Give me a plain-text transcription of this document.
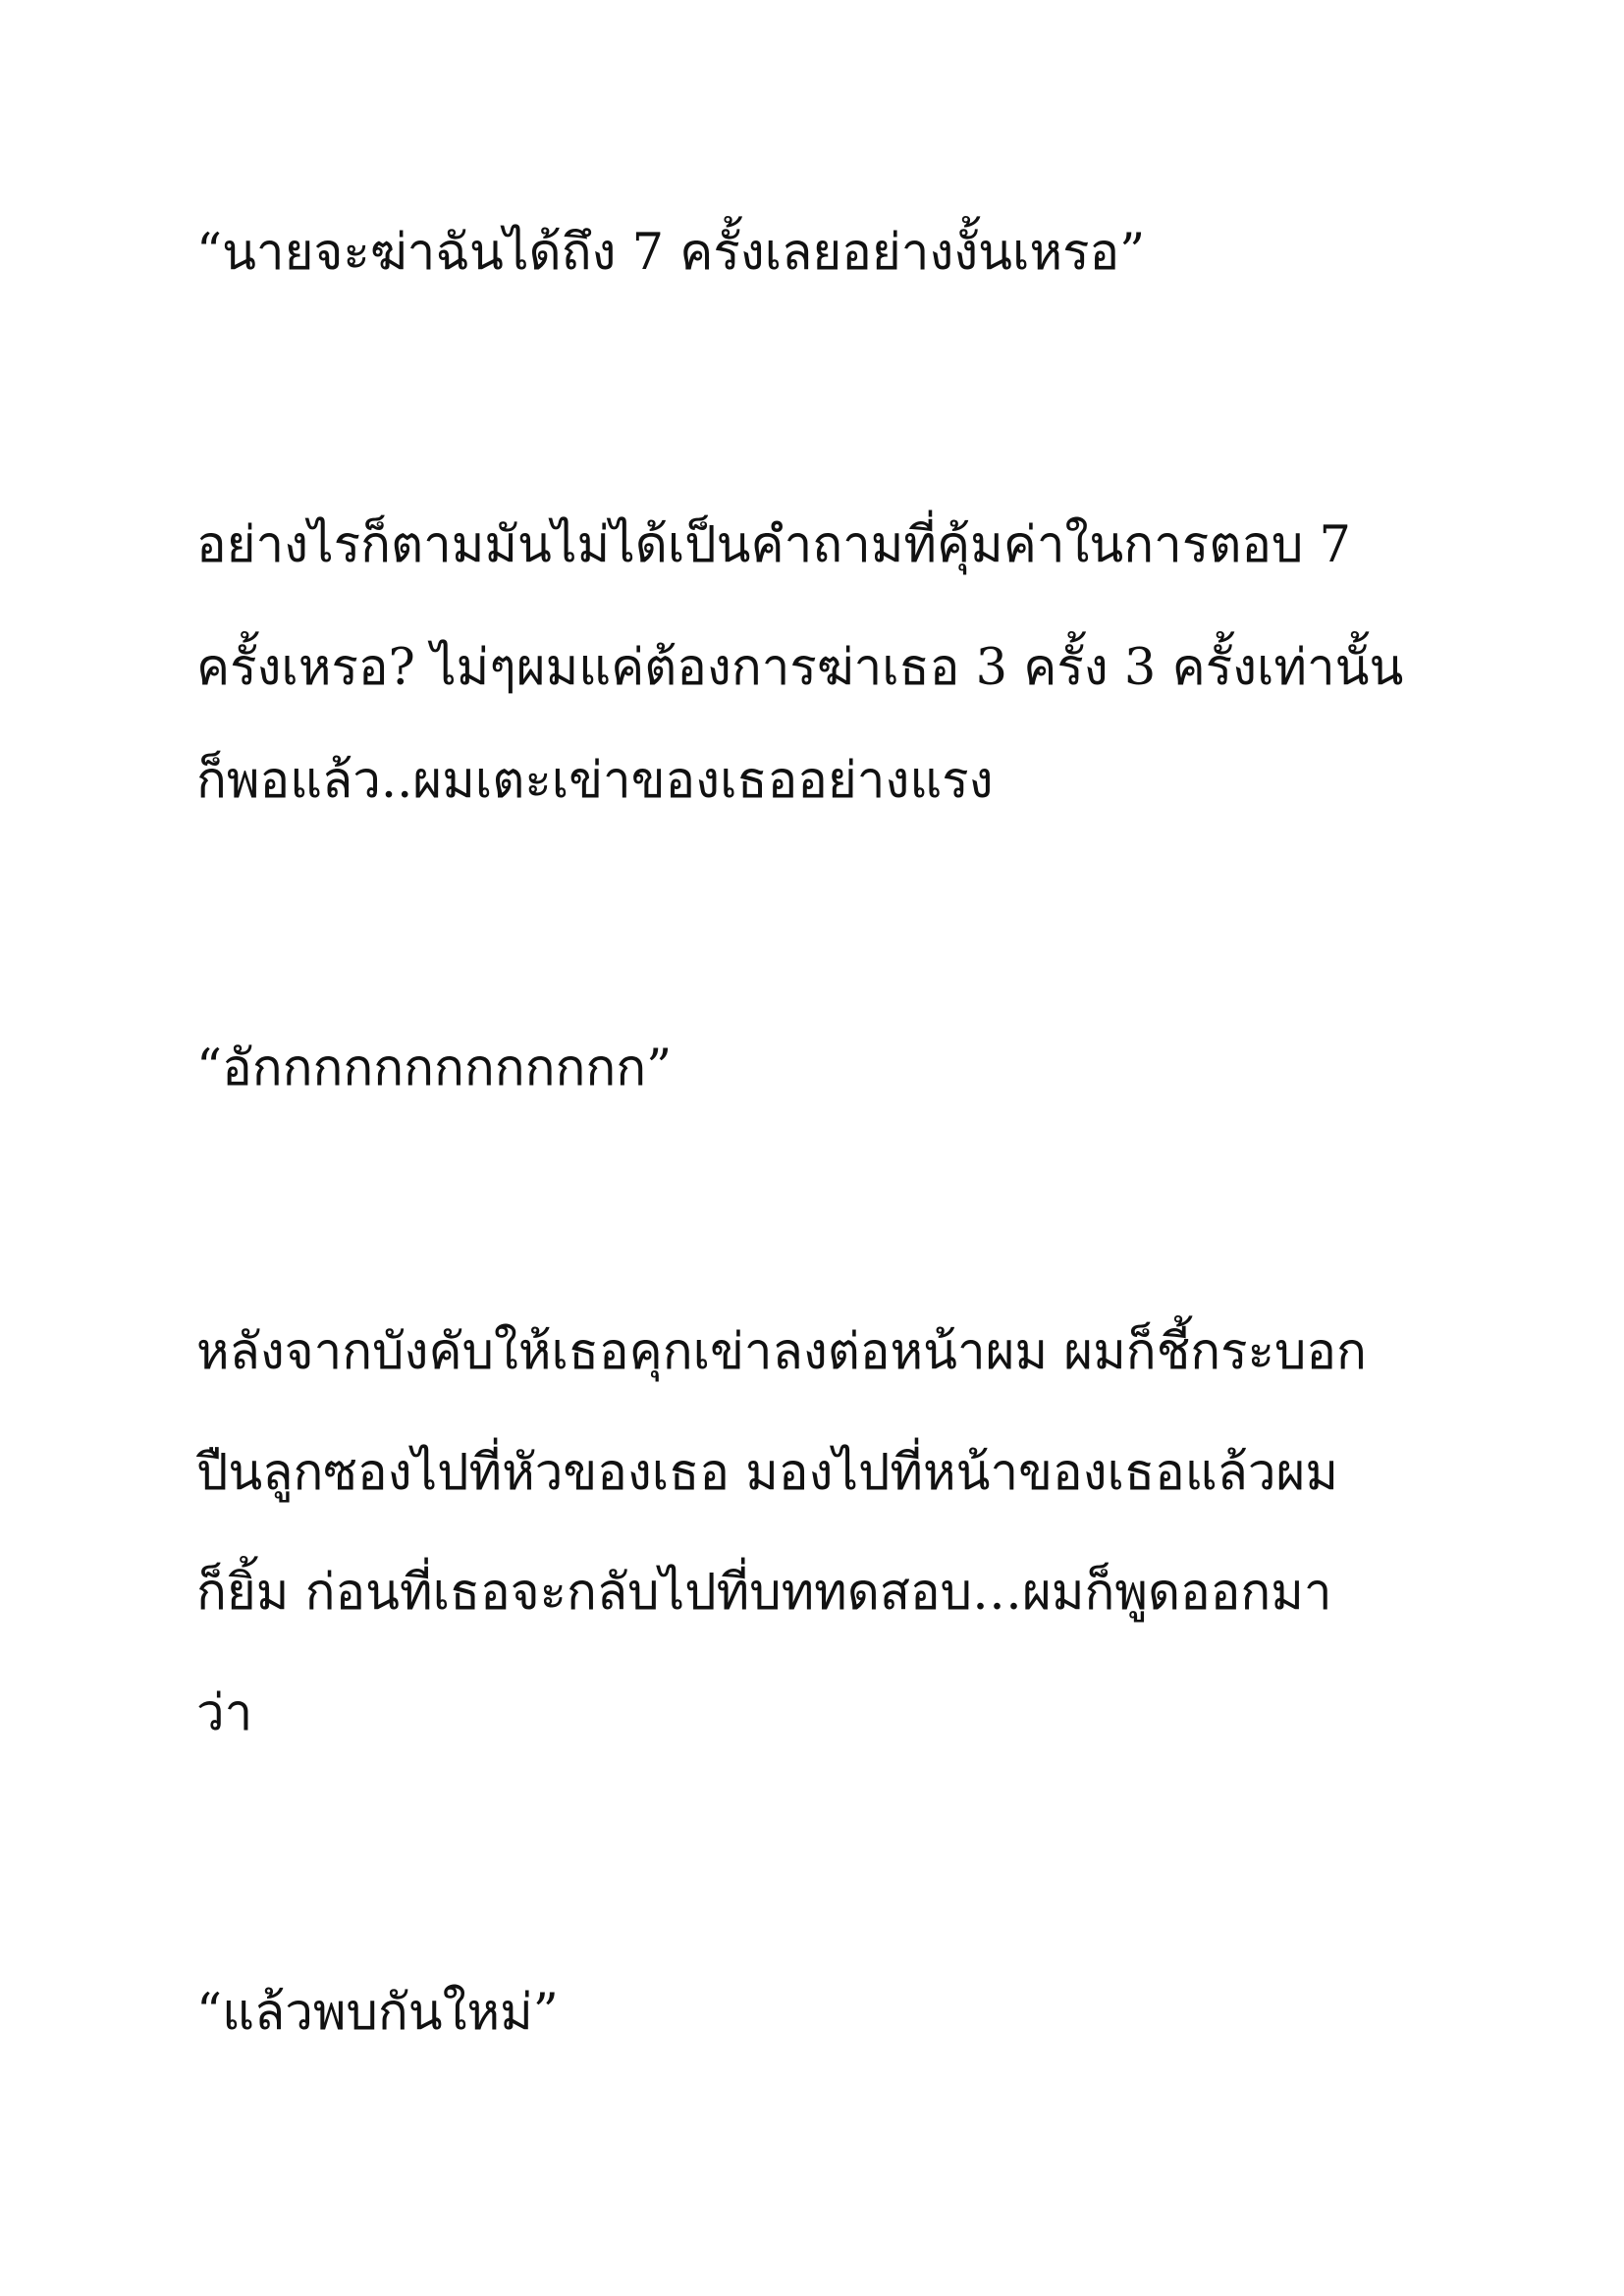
“นายจะฆ่าฉันได้ถึง 7 ครั้งเลยอย่างงั้นเหรอ”
อย่างไรก็ตามมันไม่ได้เป็นคำถามที่คุ้มค่าในการตอบ 7
ครั้งเหรอ? ไม่ๆผมแค่ต้องการฆ่าเธอ 3 ครั้ง 3 ครั้งเท่านั้น
ก็พอแล้ว..ผมเตะเข่าของเธออย่างแรง
“อักกกกกกกกกกกกก”
หลังจากบังคับให้เธอคุกเข่าลงต่อหน้าผม ผมก็ชี้กระบอก
ปืนลูกซองไปที่หัวของเธอ มองไปที่หน้าของเธอแล้วผม
ก็ยิ้ม ก่อนที่เธอจะกลับไปที่บททดสอบ…ผมก็พูดออกมา
ว่า
“แล้วพบกันใหม่”
